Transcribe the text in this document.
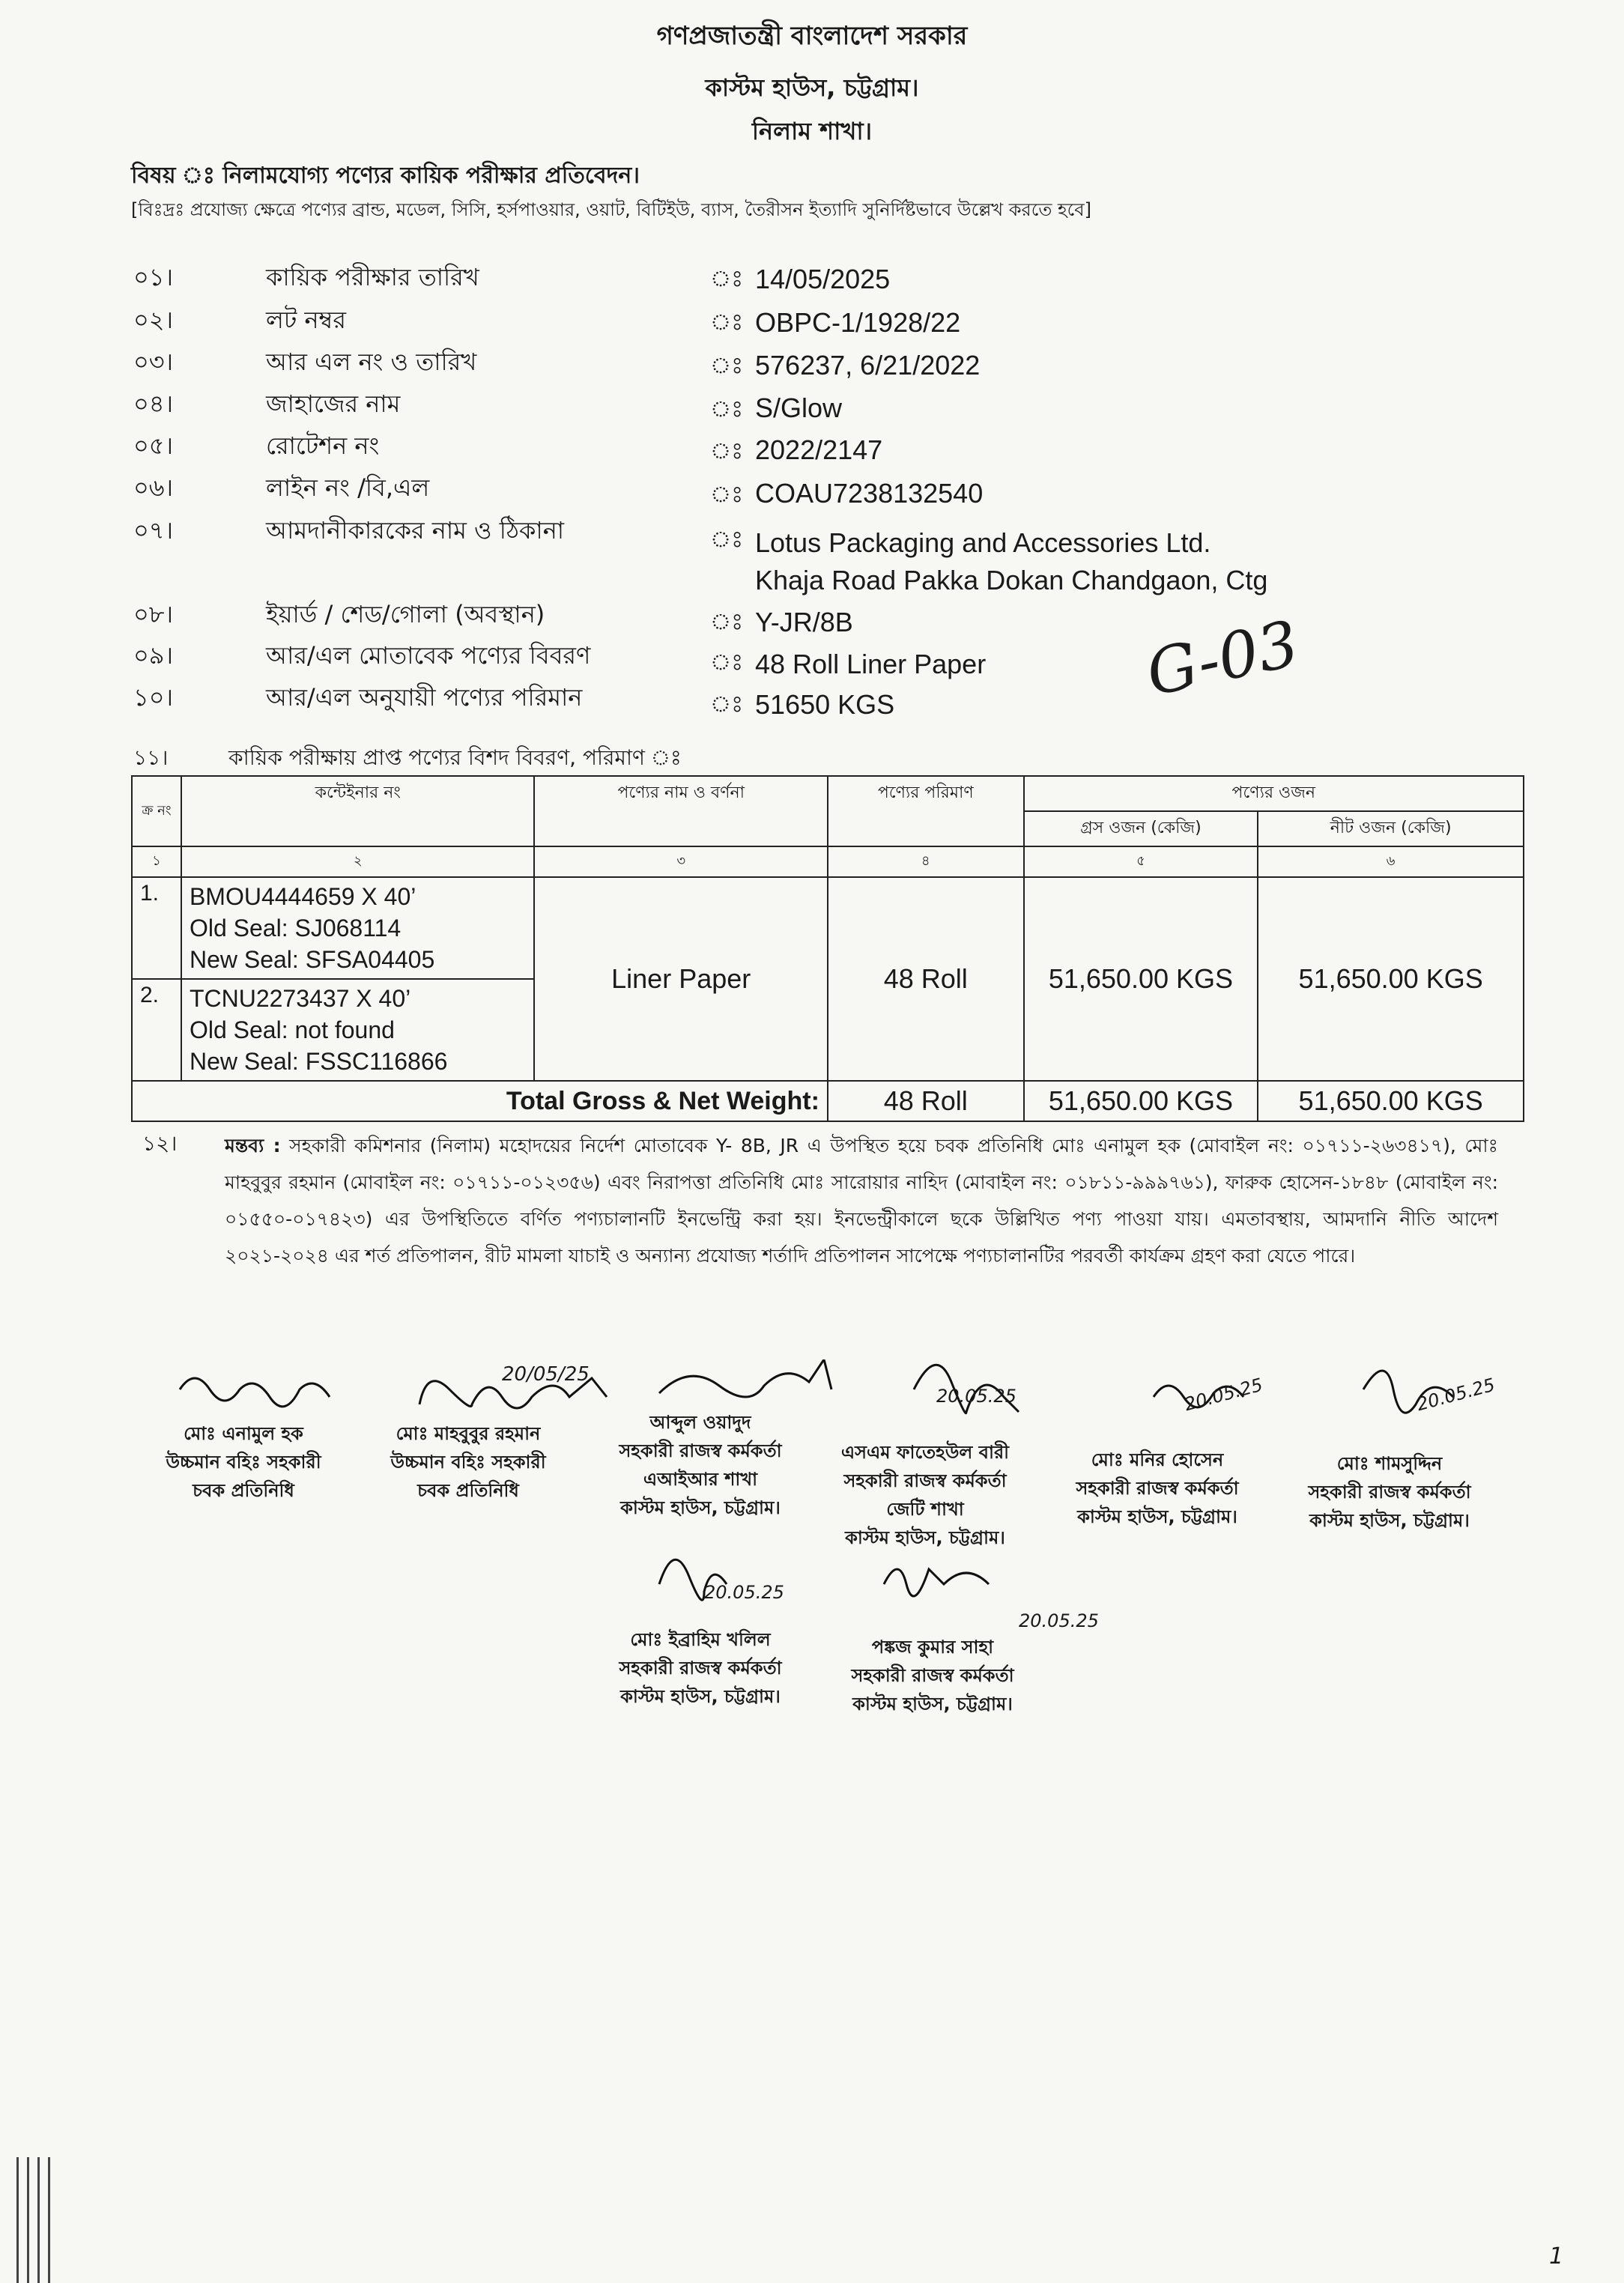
গণপ্রজাতন্ত্রী বাংলাদেশ সরকার
কাস্টম হাউস, চট্টগ্রাম।
নিলাম শাখা।
বিষয় ঃ নিলামযোগ্য পণ্যের কায়িক পরীক্ষার প্রতিবেদন।
[বিঃদ্রঃ প্রযোজ্য ক্ষেত্রে পণ্যের ব্রান্ড, মডেল, সিসি, হর্সপাওয়ার, ওয়াট, বিটিইউ, ব্যাস, তৈরীসন ইত্যাদি সুনির্দিষ্টভাবে উল্লেখ করতে হবে]
০১।	কায়িক পরীক্ষার তারিখ	ঃ 14/05/2025
০২।	লট নম্বর	ঃ OBPC-1/1928/22
০৩।	আর এল নং ও তারিখ	ঃ 576237, 6/21/2022
০৪।	জাহাজের নাম	ঃ S/Glow
০৫।	রোটেশন নং	ঃ 2022/2147
০৬।	লাইন নং /বি,এল	ঃ COAU7238132540
০৭।	আমদানীকারকের নাম ও ঠিকানা	ঃ Lotus Packaging and Accessories Ltd.
Khaja Road Pakka Dokan Chandgaon, Ctg
০৮।	ইয়ার্ড / শেড/গোলা (অবস্থান)	ঃ Y-JR/8B
০৯।	আর/এল মোতাবেক পণ্যের বিবরণ	ঃ 48 Roll Liner Paper
১০।	আর/এল অনুযায়ী পণ্যের পরিমান	ঃ 51650 KGS	G-03
১১।	কায়িক পরীক্ষায় প্রাপ্ত পণ্যের বিশদ বিবরণ, পরিমাণ ঃ
ক্র নং	কন্টেইনার নং	পণ্যের নাম ও বর্ণনা	পণ্যের পরিমাণ	পণ্যের ওজন	
				গ্রস ওজন (কেজি)	নীট ওজন (কেজি)
১	২	৩	৪	৫	৬
1.	BMOU4444659 X 40’
Old Seal: SJ068114
New Seal: SFSA04405	Liner Paper	48 Roll	51,650.00 KGS	51,650.00 KGS
2.	TCNU2273437 X 40’
Old Seal: not found
New Seal: FSSC116866				

Total Gross & Net Weight:			48 Roll	51,650.00 KGS	51,650.00 KGS
১২।	মন্তব্য : সহকারী কমিশনার (নিলাম) মহোদয়ের নির্দেশ মোতাবেক Y- 8B, JR এ উপস্থিত হয়ে চবক প্রতিনিধি মোঃ এনামুল হক (মোবাইল নং: ০১৭১১-২৬৩৪১৭), মোঃ মাহবুবুর রহমান (মোবাইল নং: ০১৭১১-০১২৩৫৬) এবং নিরাপত্তা প্রতিনিধি মোঃ সারোয়ার নাহিদ (মোবাইল নং: ০১৮১১-৯৯৯৭৬১), ফারুক হোসেন-১৮৪৮ (মোবাইল নং: ০১৫৫০-০১৭৪২৩) এর উপস্থিতিতে বর্ণিত পণ্যচালানটি ইনভেন্ট্রি করা হয়। ইনভেন্ট্রীকালে ছকে উল্লিখিত পণ্য পাওয়া যায়। এমতাবস্থায়, আমদানি নীতি আদেশ ২০২১-২০২৪ এর শর্ত প্রতিপালন, রীট মামলা যাচাই ও অন্যান্য প্রযোজ্য শর্তাদি প্রতিপালন সাপেক্ষে পণ্যচালানটির পরবর্তী কার্যক্রম গ্রহণ করা যেতে পারে।
20/05/25
20.05.25	20.05.25	20.05.25
20.05.25
20.05.25
মোঃ এনামুল হক
উচ্চমান বহিঃ সহকারী
চবক প্রতিনিধি
মোঃ মাহবুবুর রহমান
উচ্চমান বহিঃ সহকারী
চবক প্রতিনিধি
আব্দুল ওয়াদুদ
সহকারী রাজস্ব কর্মকর্তা
এআইআর শাখা
কাস্টম হাউস, চট্টগ্রাম।
এসএম ফাতেহউল বারী
সহকারী রাজস্ব কর্মকর্তা
জেটি শাখা
কাস্টম হাউস, চট্টগ্রাম।
মোঃ মনির হোসেন
সহকারী রাজস্ব কর্মকর্তা
কাস্টম হাউস, চট্টগ্রাম।
মোঃ শামসুদ্দিন
সহকারী রাজস্ব কর্মকর্তা
কাস্টম হাউস, চট্টগ্রাম।
মোঃ ইব্রাহিম খলিল
সহকারী রাজস্ব কর্মকর্তা
কাস্টম হাউস, চট্টগ্রাম।
পঙ্কজ কুমার সাহা
সহকারী রাজস্ব কর্মকর্তা
কাস্টম হাউস, চট্টগ্রাম।
1
